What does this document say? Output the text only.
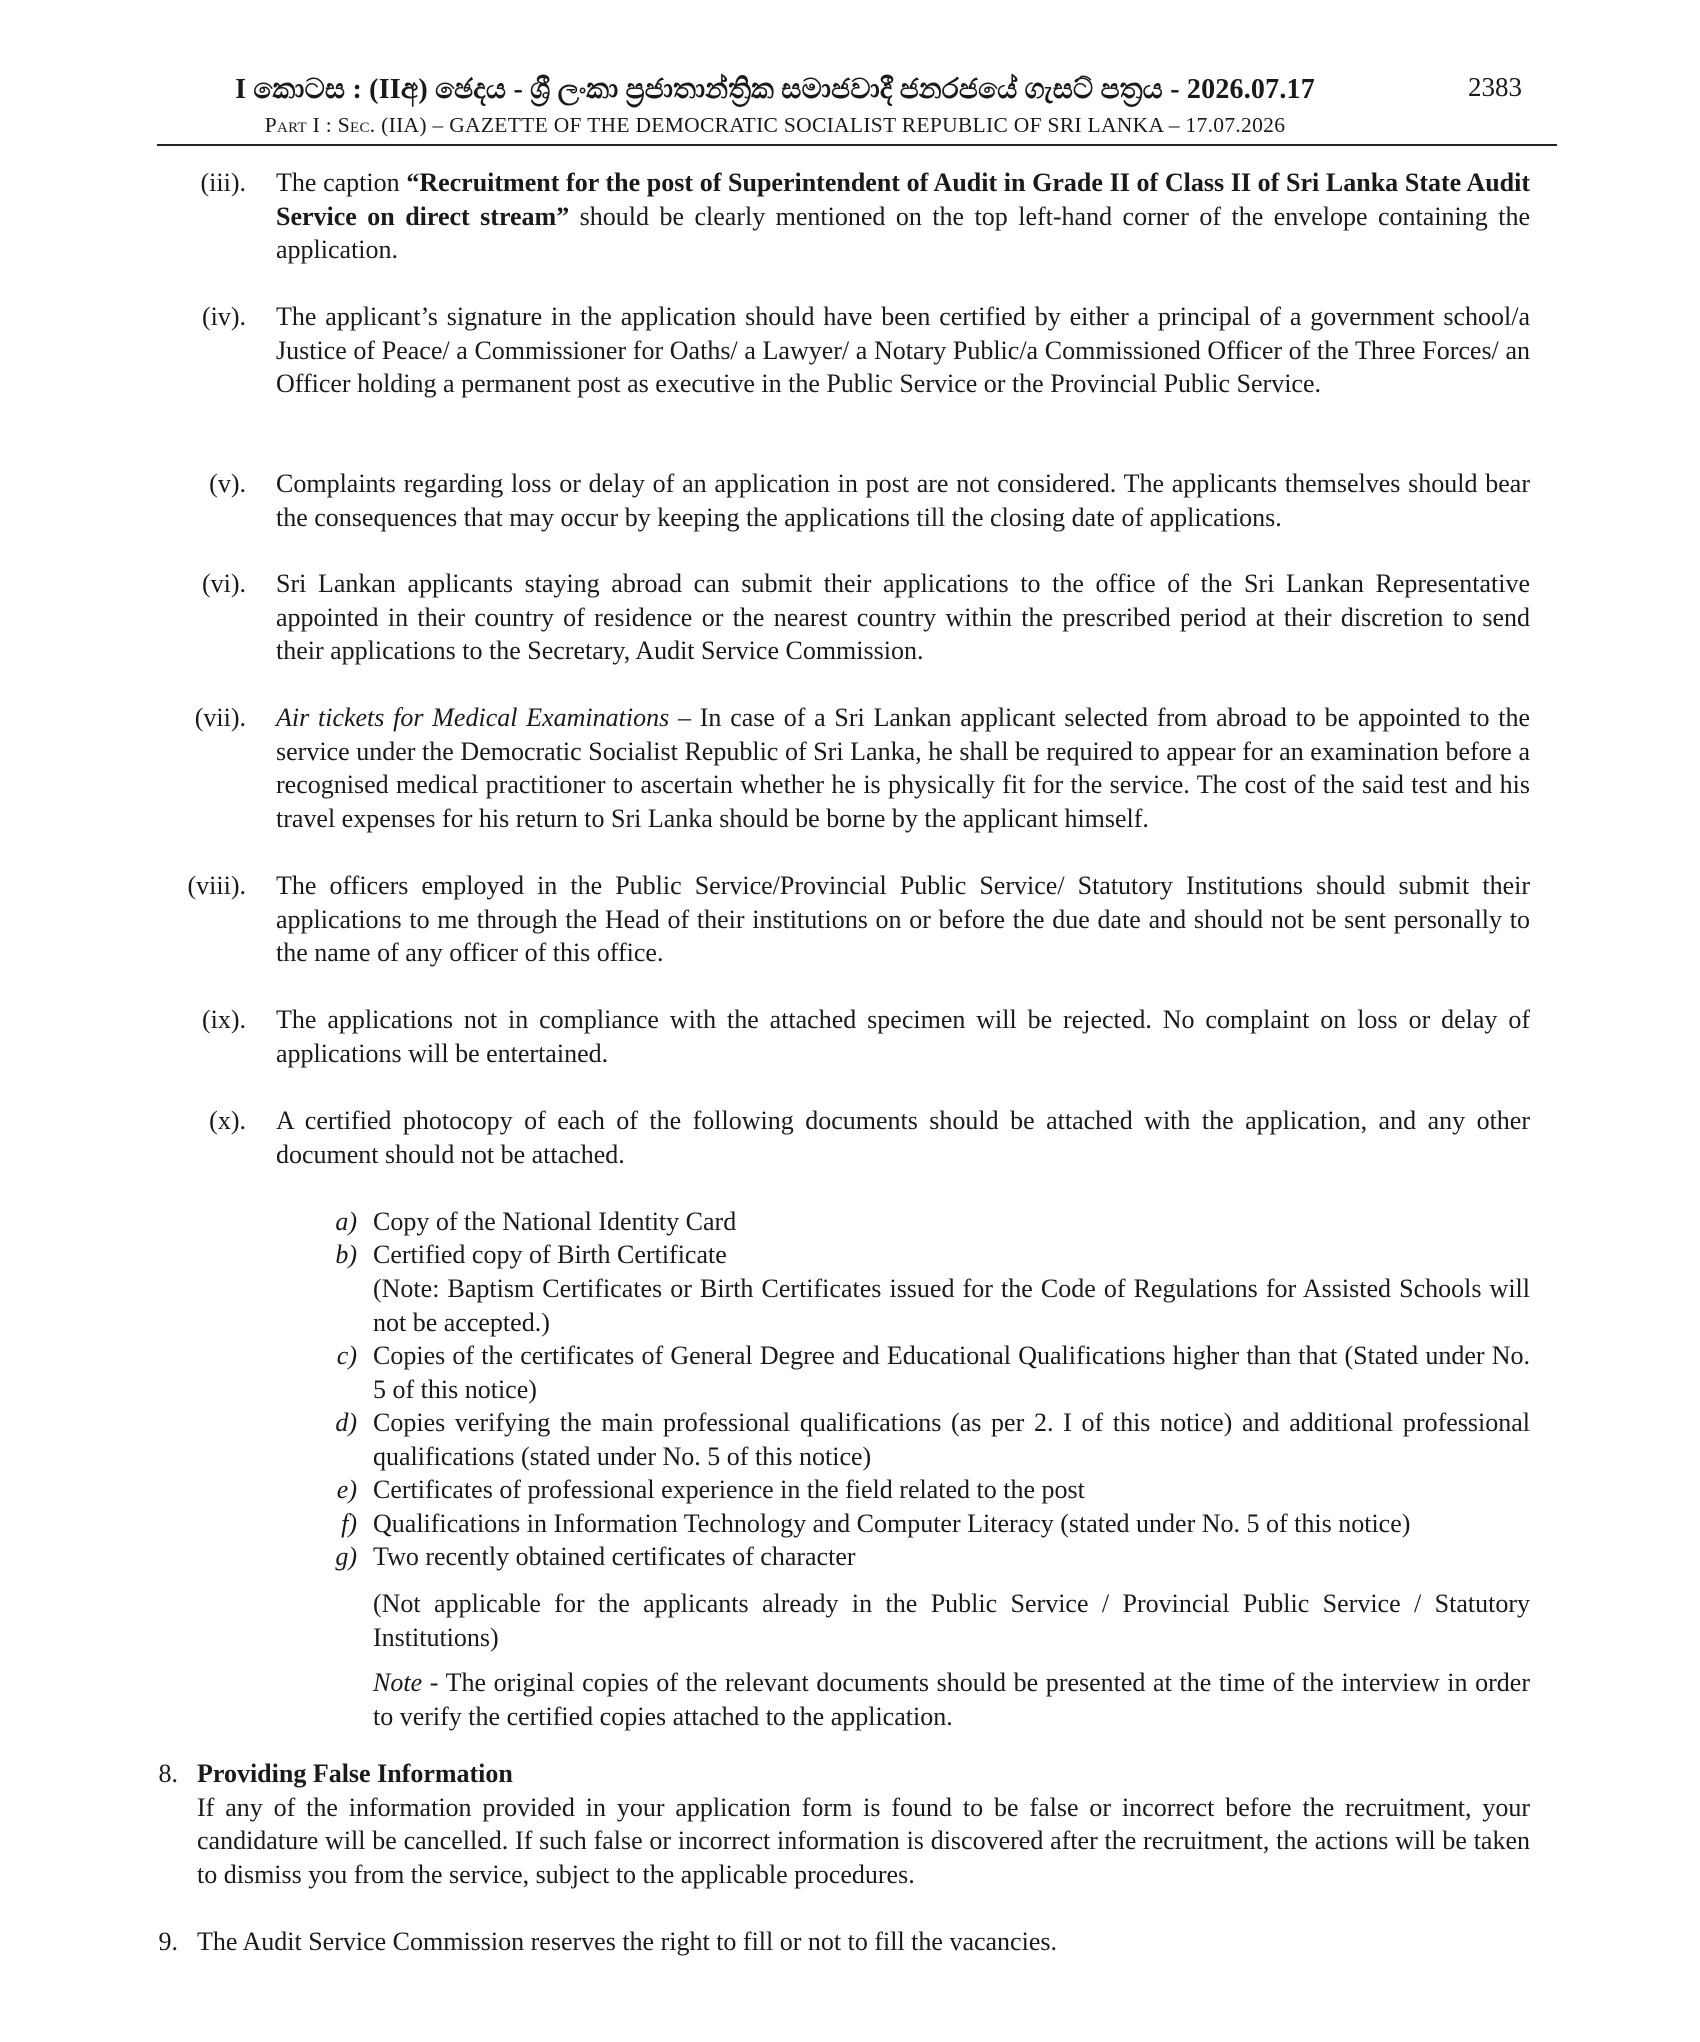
I කොටස : (IIඅ) ඡෙදය - ශ්‍රී ලංකා ප්‍රජාතාන්ත්‍රික සමාජවාදී ජනරජයේ ගැසට් පත්‍රය - 2026.07.17
Part I : Sec. (IIA) – GAZETTE OF THE DEMOCRATIC SOCIALIST REPUBLIC OF SRI LANKA – 17.07.2026
2383
(iii). The caption “Recruitment for the post of Superintendent of Audit in Grade II of Class II of Sri Lanka State Audit Service on direct stream” should be clearly mentioned on the top left-hand corner of the envelope containing the application.
(iv). The applicant’s signature in the application should have been certified by either a principal of a government school/a Justice of Peace/ a Commissioner for Oaths/ a Lawyer/ a Notary Public/a Commissioned Officer of the Three Forces/ an Officer holding a permanent post as executive in the Public Service or the Provincial Public Service.
(v). Complaints regarding loss or delay of an application in post are not considered. The applicants themselves should bear the consequences that may occur by keeping the applications till the closing date of applications.
(vi). Sri Lankan applicants staying abroad can submit their applications to the office of the Sri Lankan Representative appointed in their country of residence or the nearest country within the prescribed period at their discretion to send their applications to the Secretary, Audit Service Commission.
(vii). Air tickets for Medical Examinations – In case of a Sri Lankan applicant selected from abroad to be appointed to the service under the Democratic Socialist Republic of Sri Lanka, he shall be required to appear for an examination before a recognised medical practitioner to ascertain whether he is physically fit for the service. The cost of the said test and his travel expenses for his return to Sri Lanka should be borne by the applicant himself.
(viii). The officers employed in the Public Service/Provincial Public Service/ Statutory Institutions should submit their applications to me through the Head of their institutions on or before the due date and should not be sent personally to the name of any officer of this office.
(ix). The applications not in compliance with the attached specimen will be rejected. No complaint on loss or delay of applications will be entertained.
(x). A certified photocopy of each of the following documents should be attached with the application, and any other document should not be attached.
a) Copy of the National Identity Card
b) Certified copy of Birth Certificate
(Note: Baptism Certificates or Birth Certificates issued for the Code of Regulations for Assisted Schools will not be accepted.)
c) Copies of the certificates of General Degree and Educational Qualifications higher than that (Stated under No. 5 of this notice)
d) Copies verifying the main professional qualifications (as per 2. I of this notice) and additional professional qualifications (stated under No. 5 of this notice)
e) Certificates of professional experience in the field related to the post
f) Qualifications in Information Technology and Computer Literacy (stated under No. 5 of this notice)
g) Two recently obtained certificates of character
(Not applicable for the applicants already in the Public Service / Provincial Public Service / Statutory Institutions)
Note - The original copies of the relevant documents should be presented at the time of the interview in order to verify the certified copies attached to the application.
8. Providing False Information
If any of the information provided in your application form is found to be false or incorrect before the recruitment, your candidature will be cancelled. If such false or incorrect information is discovered after the recruitment, the actions will be taken to dismiss you from the service, subject to the applicable procedures.
9. The Audit Service Commission reserves the right to fill or not to fill the vacancies.
